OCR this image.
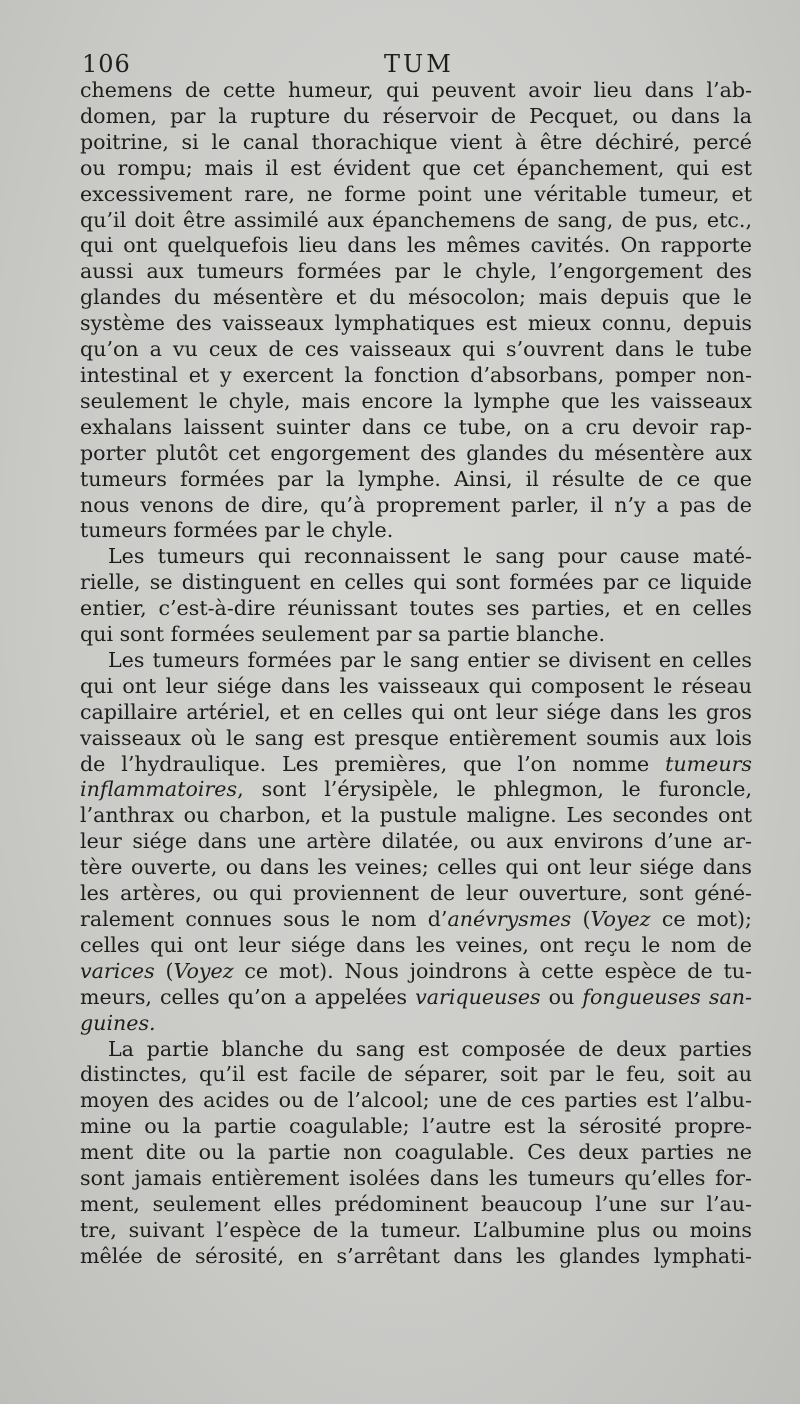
106	TUM
chemens de cette humeur, qui peuvent avoir lieu dans l’ab-
domen, par la rupture du réservoir de Pecquet, ou dans la
poitrine, si le canal thorachique vient à être déchiré, percé
ou rompu; mais il est évident que cet épanchement, qui est
excessivement rare, ne forme point une véritable tumeur, et
qu’il doit être assimilé aux épanchemens de sang, de pus, etc.,
qui ont quelquefois lieu dans les mêmes cavités. On rapporte
aussi aux tumeurs formées par le chyle, l’engorgement des
glandes du mésentère et du mésocolon; mais depuis que le
système des vaisseaux lymphatiques est mieux connu, depuis
qu’on a vu ceux de ces vaisseaux qui s’ouvrent dans le tube
intestinal et y exercent la fonction d’absorbans, pomper non-
seulement le chyle, mais encore la lymphe que les vaisseaux
exhalans laissent suinter dans ce tube, on a cru devoir rap-
porter plutôt cet engorgement des glandes du mésentère aux
tumeurs formées par la lymphe. Ainsi, il résulte de ce que
nous venons de dire, qu’à proprement parler, il n’y a pas de
tumeurs formées par le chyle.
Les tumeurs qui reconnaissent le sang pour cause maté-
rielle, se distinguent en celles qui sont formées par ce liquide
entier, c’est-à-dire réunissant toutes ses parties, et en celles
qui sont formées seulement par sa partie blanche.
Les tumeurs formées par le sang entier se divisent en celles
qui ont leur siége dans les vaisseaux qui composent le réseau
capillaire artériel, et en celles qui ont leur siége dans les gros
vaisseaux où le sang est presque entièrement soumis aux lois
de l’hydraulique. Les premières, que l’on nomme tumeurs
inflammatoires, sont l’érysipèle, le phlegmon, le furoncle,
l’anthrax ou charbon, et la pustule maligne. Les secondes ont
leur siége dans une artère dilatée, ou aux environs d’une ar-
tère ouverte, ou dans les veines; celles qui ont leur siége dans
les artères, ou qui proviennent de leur ouverture, sont géné-
ralement connues sous le nom d’anévrysmes (Voyez ce mot);
celles qui ont leur siége dans les veines, ont reçu le nom de
varices (Voyez ce mot). Nous joindrons à cette espèce de tu-
meurs, celles qu’on a appelées variqueuses ou fongueuses san-
guines.
La partie blanche du sang est composée de deux parties
distinctes, qu’il est facile de séparer, soit par le feu, soit au
moyen des acides ou de l’alcool; une de ces parties est l’albu-
mine ou la partie coagulable; l’autre est la sérosité propre-
ment dite ou la partie non coagulable. Ces deux parties ne
sont jamais entièrement isolées dans les tumeurs qu’elles for-
ment, seulement elles prédominent beaucoup l’une sur l’au-
tre, suivant l’espèce de la tumeur. L’albumine plus ou moins
mêlée de sérosité, en s’arrêtant dans les glandes lymphati-
